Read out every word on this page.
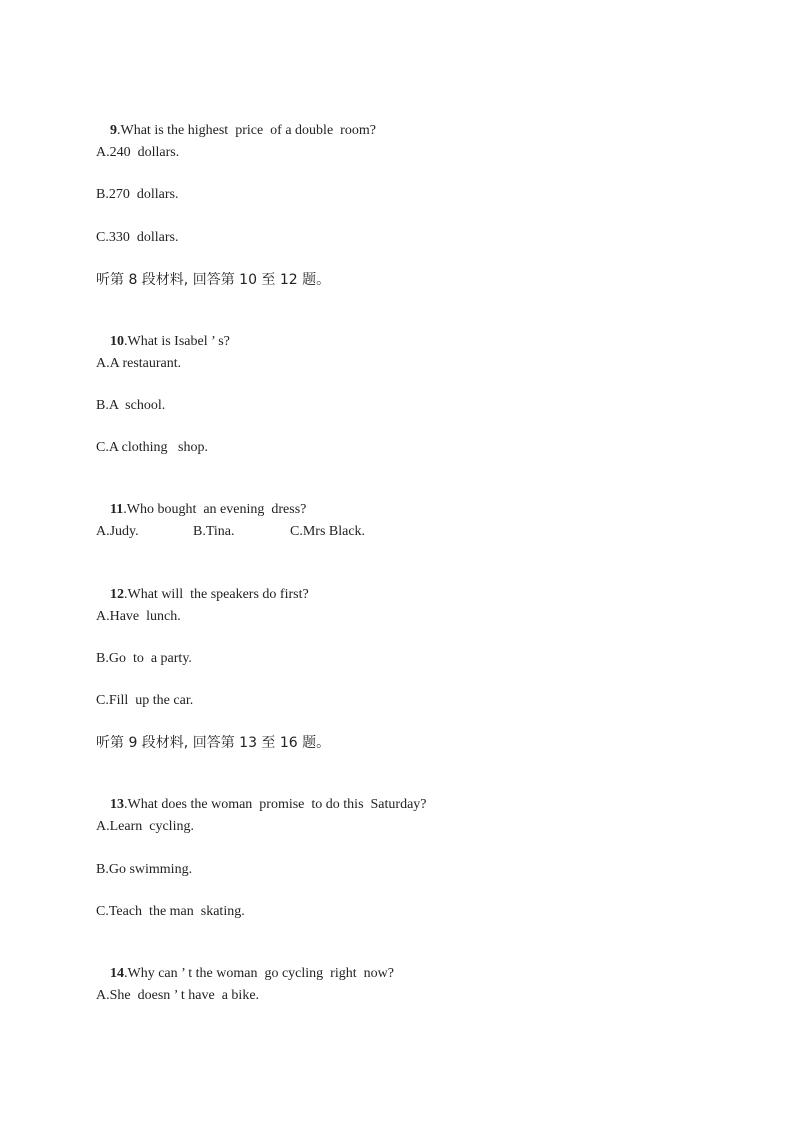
9.What is the highest  price  of a double  room?

A.240  dollars.
B.270  dollars.
C.330  dollars.
听第 8 段材料, 回答第 10 至 12 题。

10.What is Isabel ’ s?

A.A restaurant.
B.A  school.
C.A clothing   shop.

11.Who bought  an evening  dress?

A.Judy.	B.Tina.	C.Mrs Black.

12.What will  the speakers do first?

A.Have  lunch.
B.Go  to  a party.
C.Fill  up the car.
听第 9 段材料, 回答第 13 至 16 题。

13.What does the woman  promise  to do this  Saturday?

A.Learn  cycling.
B.Go swimming.
C.Teach  the man  skating.

14.Why can ’ t the woman  go cycling  right  now?

A.She  doesn ’ t have  a bike.
